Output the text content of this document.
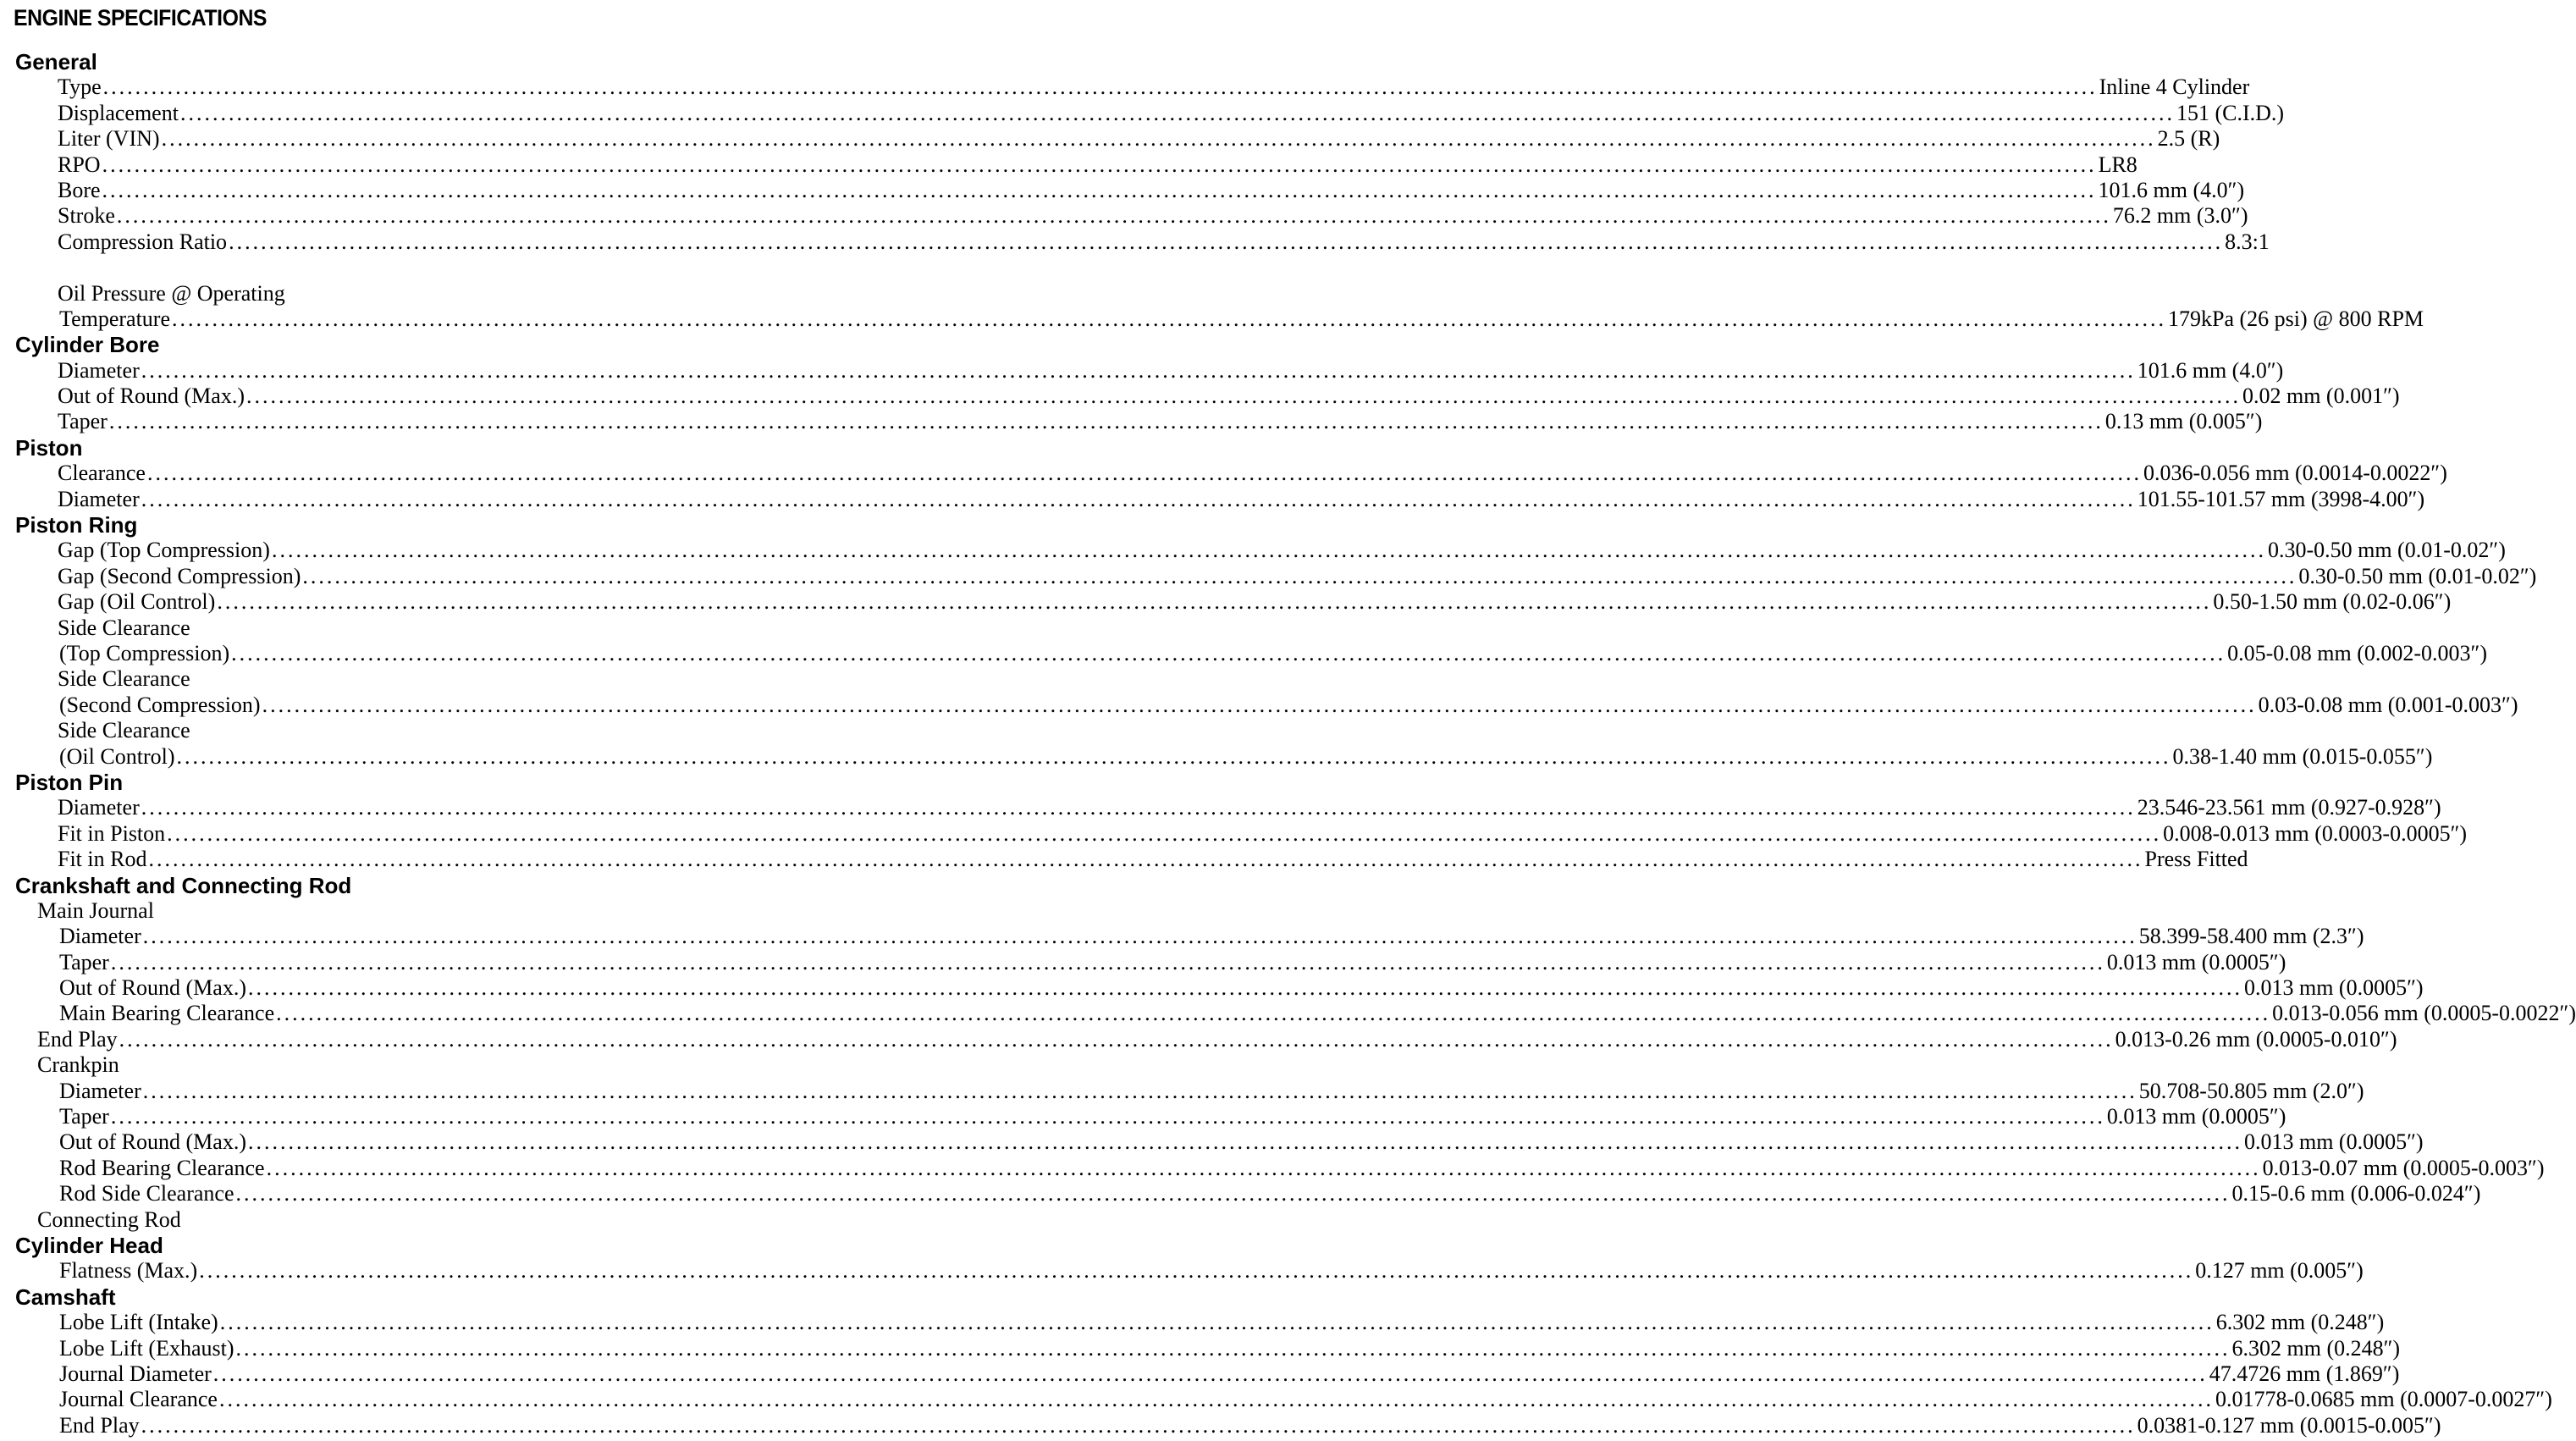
ENGINE SPECIFICATIONS
General
Type .....	Inline 4 Cylinder
Displacement .....	151 (C.I.D.)
Liter (VIN) .....	2.5 (R)
RPO .....	LR8
Bore .....	101.6 mm (4.0″)
Stroke .....	76.2 mm (3.0″)
Compression Ratio .....	8.3:1
Oil Pressure @ Operating
Temperature .....	179kPa (26 psi) @ 800 RPM
Cylinder Bore
Diameter .....	101.6 mm (4.0″)
Out of Round (Max.) .....	0.02 mm (0.001″)
Taper .....	0.13 mm (0.005″)
Piston
Clearance .....	0.036-0.056 mm (0.0014-0.0022″)
Diameter .....	101.55-101.57 mm (3998-4.00″)
Piston Ring
Gap (Top Compression) .....	0.30-0.50 mm (0.01-0.02″)
Gap (Second Compression) .....	0.30-0.50 mm (0.01-0.02″)
Gap (Oil Control) .....	0.50-1.50 mm (0.02-0.06″)
Side Clearance
(Top Compression) .....	0.05-0.08 mm (0.002-0.003″)
Side Clearance
(Second Compression) .....	0.03-0.08 mm (0.001-0.003″)
Side Clearance
(Oil Control) .....	0.38-1.40 mm (0.015-0.055″)
Piston Pin
Diameter .....	23.546-23.561 mm (0.927-0.928″)
Fit in Piston .....	0.008-0.013 mm (0.0003-0.0005″)
Fit in Rod .....	Press Fitted
Crankshaft and Connecting Rod
Main Journal
Diameter .....	58.399-58.400 mm (2.3″)
Taper .....	0.013 mm (0.0005″)
Out of Round (Max.) .....	0.013 mm (0.0005″)
Main Bearing Clearance .....	0.013-0.056 mm (0.0005-0.0022″)
End Play .....	0.013-0.26 mm (0.0005-0.010″)
Crankpin
Diameter .....	50.708-50.805 mm (2.0″)
Taper .....	0.013 mm (0.0005″)
Out of Round (Max.) .....	0.013 mm (0.0005″)
Rod Bearing Clearance .....	0.013-0.07 mm (0.0005-0.003″)
Rod Side Clearance .....	0.15-0.6 mm (0.006-0.024″)
Connecting Rod
Cylinder Head
Flatness (Max.) .....	0.127 mm (0.005″)
Camshaft
Lobe Lift (Intake) .....	6.302 mm (0.248″)
Lobe Lift (Exhaust) .....	6.302 mm (0.248″)
Journal Diameter .....	47.4726 mm (1.869″)
Journal Clearance .....	0.01778-0.0685 mm (0.0007-0.0027″)
End Play .....	0.0381-0.127 mm (0.0015-0.005″)
